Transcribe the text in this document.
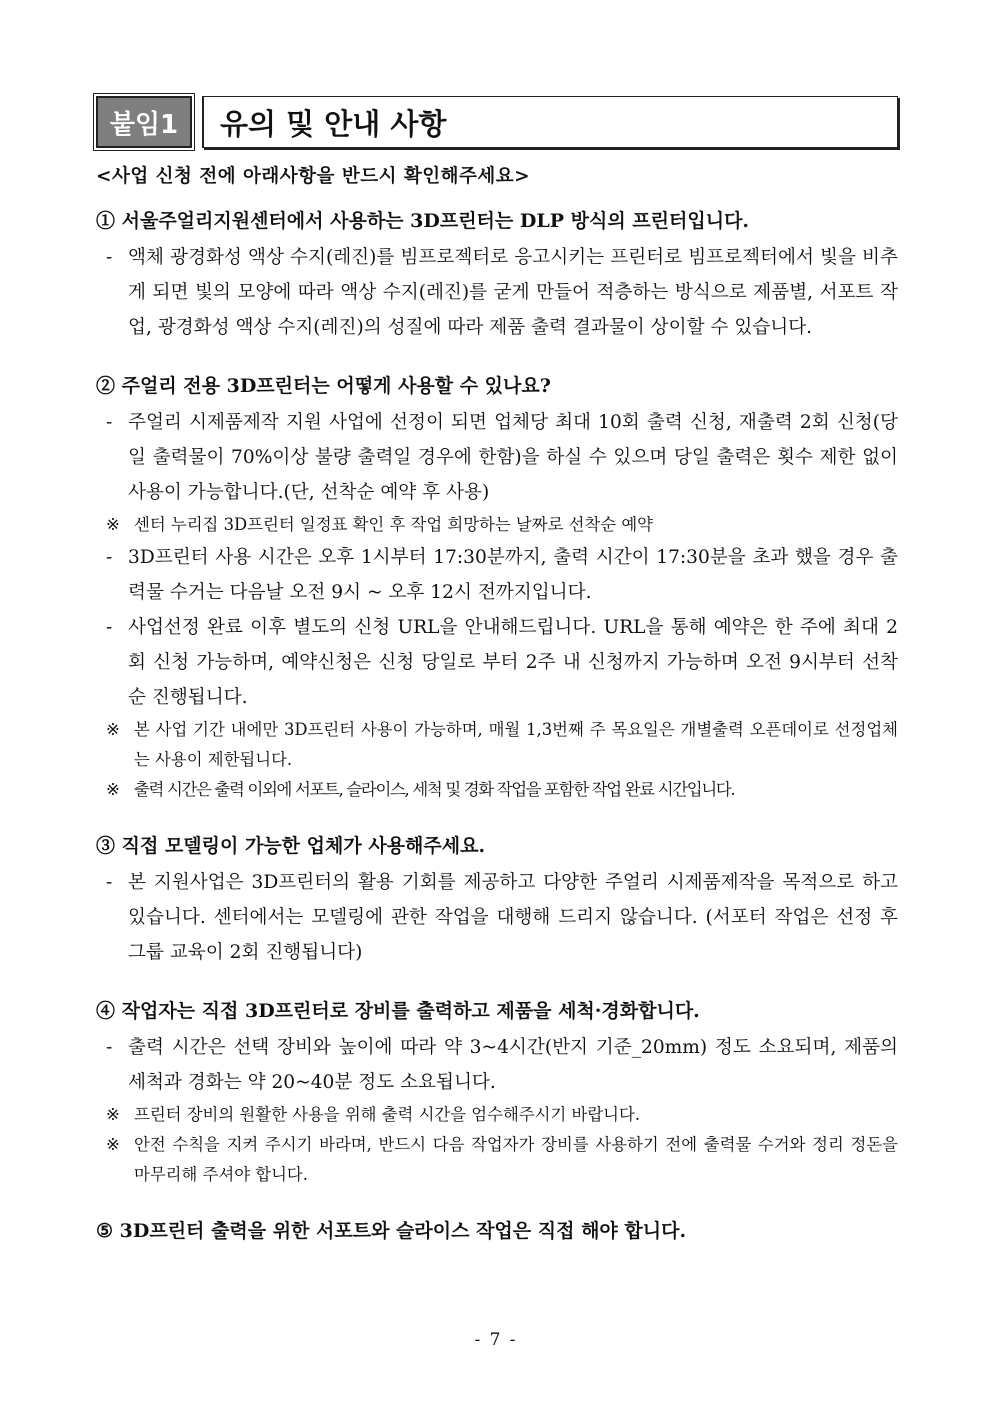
붙임1	유의 및 안내 사항
<사업 신청 전에 아래사항을 반드시 확인해주세요>
① 서울주얼리지원센터에서 사용하는 3D프린터는 DLP 방식의 프린터입니다.
- 액체 광경화성 액상 수지(레진)를 빔프로젝터로 응고시키는 프린터로 빔프로젝터에서 빛을 비추게 되면 빛의 모양에 따라 액상 수지(레진)를 굳게 만들어 적층하는 방식으로 제품별, 서포트 작업, 광경화성 액상 수지(레진)의 성질에 따라 제품 출력 결과물이 상이할 수 있습니다.
② 주얼리 전용 3D프린터는 어떻게 사용할 수 있나요?
- 주얼리 시제품제작 지원 사업에 선정이 되면 업체당 최대 10회 출력 신청, 재출력 2회 신청(당일 출력물이 70%이상 불량 출력일 경우에 한함)을 하실 수 있으며 당일 출력은 횟수 제한 없이 사용이 가능합니다.(단, 선착순 예약 후 사용)
※ 센터 누리집 3D프린터 일정표 확인 후 작업 희망하는 날짜로 선착순 예약
- 3D프린터 사용 시간은 오후 1시부터 17:30분까지, 출력 시간이 17:30분을 초과 했을 경우 출력물 수거는 다음날 오전 9시 ~ 오후 12시 전까지입니다.
- 사업선정 완료 이후 별도의 신청 URL을 안내해드립니다. URL을 통해 예약은 한 주에 최대 2회 신청 가능하며, 예약신청은 신청 당일로 부터 2주 내 신청까지 가능하며 오전 9시부터 선착순 진행됩니다.
※ 본 사업 기간 내에만 3D프린터 사용이 가능하며, 매월 1,3번째 주 목요일은 개별출력 오픈데이로 선정업체는 사용이 제한됩니다.
※ 출력 시간은 출력 이외에 서포트, 슬라이스, 세척 및 경화 작업을 포함한 작업 완료 시간입니다.
③ 직접 모델링이 가능한 업체가 사용해주세요.
- 본 지원사업은 3D프린터의 활용 기회를 제공하고 다양한 주얼리 시제품제작을 목적으로 하고 있습니다. 센터에서는 모델링에 관한 작업을 대행해 드리지 않습니다. (서포터 작업은 선정 후 그룹 교육이 2회 진행됩니다)
④ 작업자는 직접 3D프린터로 장비를 출력하고 제품을 세척·경화합니다.
- 출력 시간은 선택 장비와 높이에 따라 약 3~4시간(반지 기준_20mm) 정도 소요되며, 제품의 세척과 경화는 약 20~40분 정도 소요됩니다.
※ 프린터 장비의 원활한 사용을 위해 출력 시간을 엄수해주시기 바랍니다.
※ 안전 수칙을 지켜 주시기 바라며, 반드시 다음 작업자가 장비를 사용하기 전에 출력물 수거와 정리 정돈을 마무리해 주셔야 합니다.
⑤ 3D프린터 출력을 위한 서포트와 슬라이스 작업은 직접 해야 합니다.
- 7 -
